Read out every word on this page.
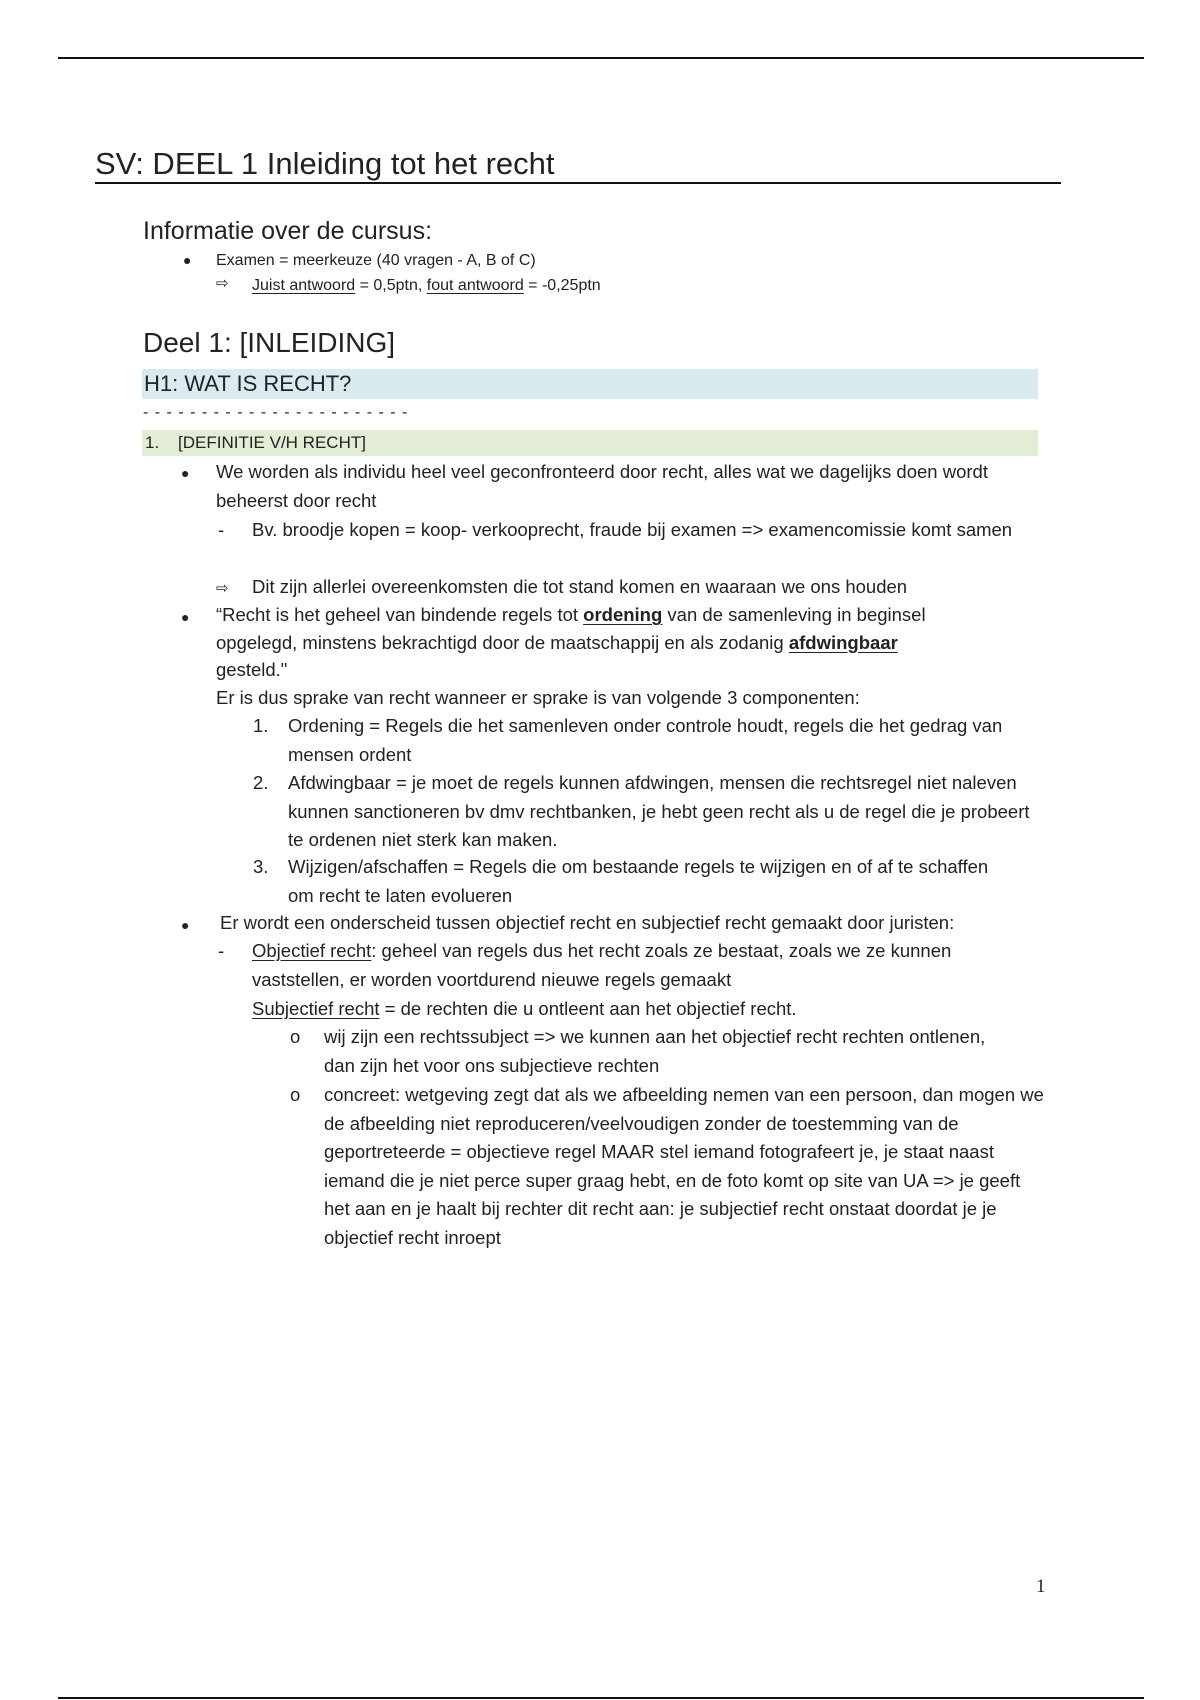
SV: DEEL 1 Inleiding tot het recht
Informatie over de cursus:
● Examen = meerkeuze (40 vragen - A, B of C)
⇨ Juist antwoord = 0,5ptn, fout antwoord = -0,25ptn
Deel 1: [INLEIDING]
H1: WAT IS RECHT?
- - - - - - - - - - - - - - - - - - - - - - -
1. [DEFINITIE V/H RECHT]
● We worden als individu heel veel geconfronteerd door recht, alles wat we dagelijks doen wordt beheerst door recht
- Bv. broodje kopen = koop- verkooprecht, fraude bij examen => examencomissie komt samen
⇨ Dit zijn allerlei overeenkomsten die tot stand komen en waaraan we ons houden
● “Recht is het geheel van bindende regels tot ordening van de samenleving in beginsel opgelegd, minstens bekrachtigd door de maatschappij en als zodanig afdwingbaar
gesteld."
Er is dus sprake van recht wanneer er sprake is van volgende 3 componenten:
1. Ordening = Regels die het samenleven onder controle houdt, regels die het gedrag van mensen ordent
2. Afdwingbaar = je moet de regels kunnen afdwingen, mensen die rechtsregel niet naleven kunnen sanctioneren bv dmv rechtbanken, je hebt geen recht als u de regel die je probeert te ordenen niet sterk kan maken.
3. Wijzigen/afschaffen = Regels die om bestaande regels te wijzigen en of af te schaffen om recht te laten evolueren
● Er wordt een onderscheid tussen objectief recht en subjectief recht gemaakt door juristen:
- Objectief recht: geheel van regels dus het recht zoals ze bestaat, zoals we ze kunnen vaststellen, er worden voortdurend nieuwe regels gemaakt
Subjectief recht = de rechten die u ontleent aan het objectief recht.
o wij zijn een rechtssubject => we kunnen aan het objectief recht rechten ontlenen, dan zijn het voor ons subjectieve rechten
o concreet: wetgeving zegt dat als we afbeelding nemen van een persoon, dan mogen we de afbeelding niet reproduceren/veelvoudigen zonder de toestemming van de geportreteerde = objectieve regel MAAR stel iemand fotografeert je, je staat naast iemand die je niet perce super graag hebt, en de foto komt op site van UA => je geeft het aan en je haalt bij rechter dit recht aan: je subjectief recht onstaat doordat je je objectief recht inroept
1
